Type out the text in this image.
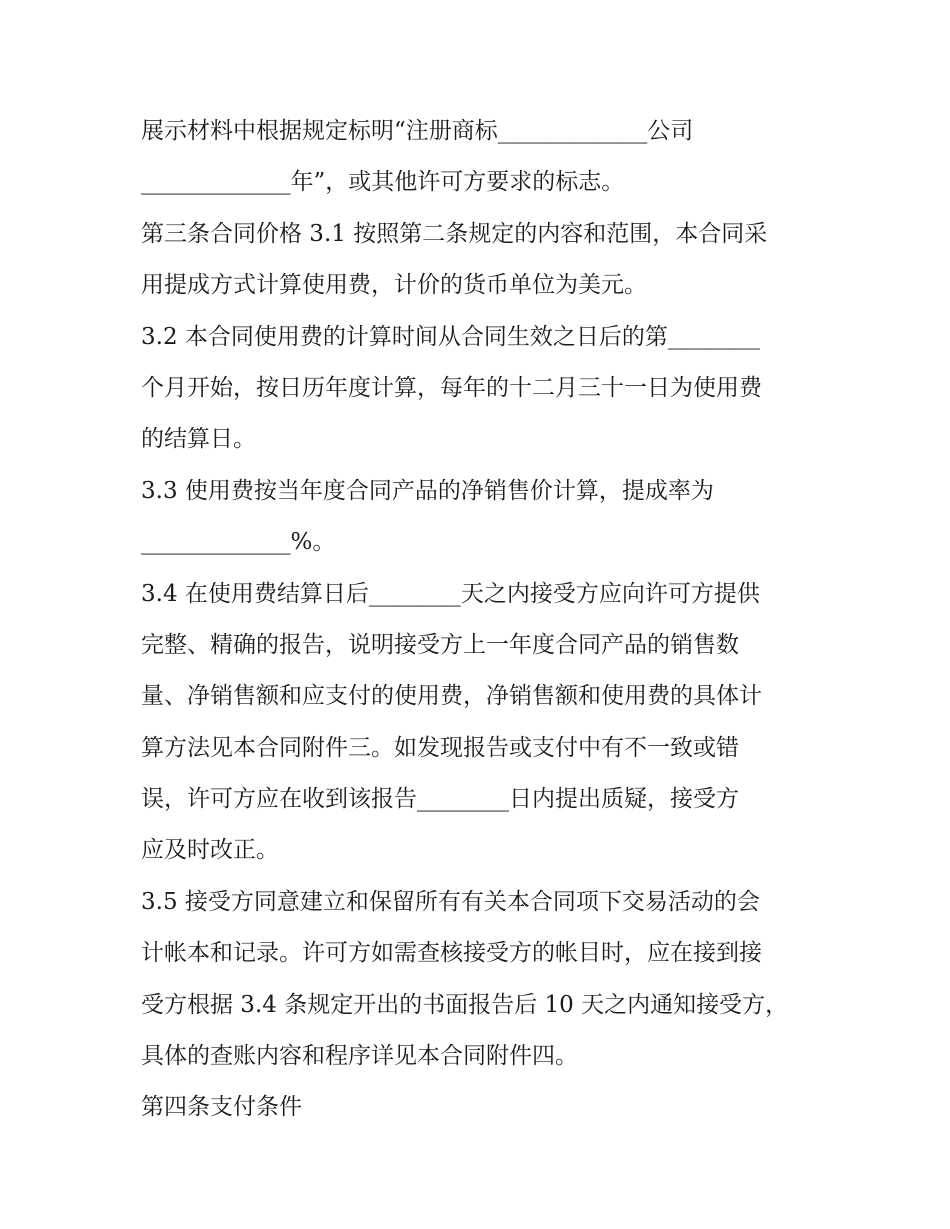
展示材料中根据规定标明“注册商标_____________公司
_____________年”，或其他许可方要求的标志。
第三条合同价格 3.1 按照第二条规定的内容和范围，本合同采
用提成方式计算使用费，计价的货币单位为美元。
3.2 本合同使用费的计算时间从合同生效之日后的第________
个月开始，按日历年度计算，每年的十二月三十一日为使用费
的结算日。
3.3 使用费按当年度合同产品的净销售价计算，提成率为
_____________%。
3.4 在使用费结算日后________天之内接受方应向许可方提供
完整、精确的报告，说明接受方上一年度合同产品的销售数
量、净销售额和应支付的使用费，净销售额和使用费的具体计
算方法见本合同附件三。如发现报告或支付中有不一致或错
误，许可方应在收到该报告________日内提出质疑，接受方
应及时改正。
3.5 接受方同意建立和保留所有有关本合同项下交易活动的会
计帐本和记录。许可方如需查核接受方的帐目时，应在接到接
受方根据 3.4 条规定开出的书面报告后 10 天之内通知接受方，
具体的查账内容和程序详见本合同附件四。
第四条支付条件
